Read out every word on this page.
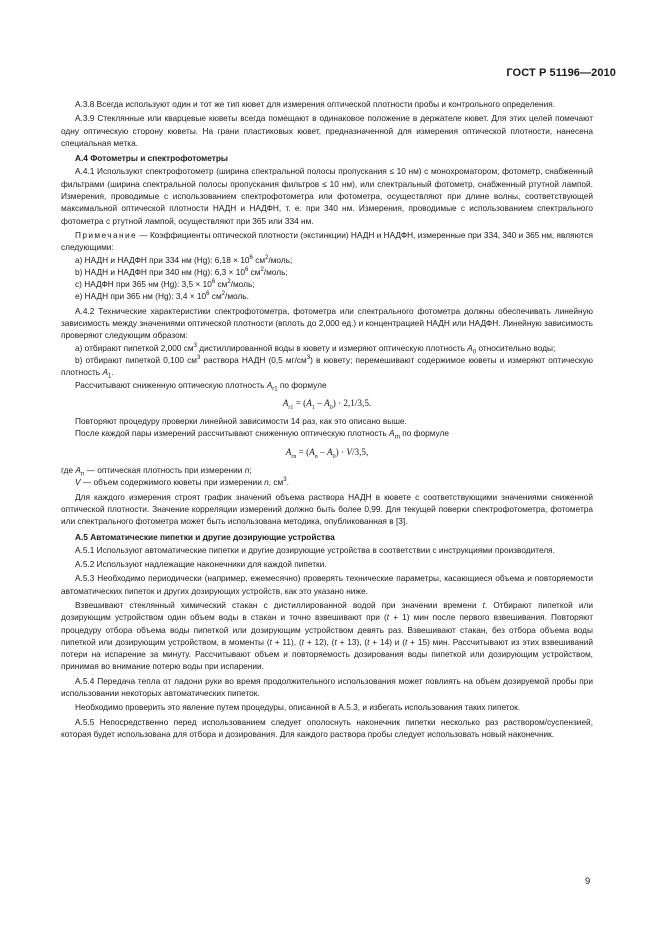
ГОСТ Р 51196—2010

А.3.8 Всегда используют один и тот же тип кювет для измерения оптической плотности пробы и контрольного определения.

А.3.9 Стеклянные или кварцевые кюветы всегда помещают в одинаковое положение в держателе кювет. Для этих целей помечают одну оптическую сторону кюветы. На грани пластиковых кювет, предназначенной для измерения оптической плотности, нанесена специальная метка.

А.4 Фотометры и спектрофотометры

А.4.1 Используют спектрофотометр (ширина спектральной полосы пропускания ≤ 10 нм) с монохроматором, фотометр, снабженный фильтрами (ширина спектральной полосы пропускания фильтров ≤ 10 нм), или спектральный фотометр, снабженный ртутной лампой. Измерения, проводимые с использованием спектрофотометра или фотометра, осуществляют при длине волны, соответствующей максимальной оптической плотности НАДН и НАДФН, т. е. при 340 нм. Измерения, проводимые с использованием спектрального фотометра с ртутной лампой, осуществляют при 365 или 334 нм.

Примечание — Коэффициенты оптической плотности (экстинкции) НАДН и НАДФН, измеренные при 334, 340 и 365 нм, являются следующими:

a) НАДН и НАДФН при 334 нм (Hg): $6,18 \times 10^6$ $см^2$/моль;

b) НАДН и НАДФН при 340 нм (Hg): $6,3 \times 10^6$ $см^2$/моль;

c) НАДФН при 365 нм (Hg): $3,5 \times 10^6$ $см^2$/моль;

e) НАДН при 365 нм (Hg): $3,4 \times 10^6$ $см^2$/моль.

А.4.2 Технические характеристики спектрофотометра, фотометра или спектрального фотометра должны обеспечивать линейную зависимость между значениями оптической плотности (вплоть до 2,000 ед.) и концентрацией НАДН или НАДФН. Линейную зависимость проверяют следующим образом:

a) отбирают пипеткой 2,000 $см^3$ дистиллированной воды в кювету и измеряют оптическую плотность $A_0$ относительно воды;

b) отбирают пипеткой 0,100 $см^3$ раствора НАДН (0,5 $мг/см^3$) в кювету; перемешивают содержимое кюветы и измеряют оптическую плотность $A_1$.

Рассчитывают сниженную оптическую плотность $A_{r1}$ по формуле

$A_{r1} = (A_1 - A_0) \cdot 2,1/3,5$.

Повторяют процедуру проверки линейной зависимости 14 раз, как это описано выше.

После каждой пары измерений рассчитывают сниженную оптическую плотность $A_{rn}$ по формуле

$A_{rn} = (A_n - A_0) \cdot V/3,5$,

где $A_n$ — оптическая плотность при измерении n;

V — объем содержимого кюветы при измерении n, $см^3$.

Для каждого измерения строят график значений объема раствора НАДН в кювете с соответствующими значениями сниженной оптической плотности. Значение корреляции измерений должно быть более 0,99. Для текущей поверки спектрофотометра, фотометра или спектрального фотометра может быть использована методика, опубликованная в [3].

А.5 Автоматические пипетки и другие дозирующие устройства

А.5.1 Используют автоматические пипетки и другие дозирующие устройства в соответствии с инструкциями производителя.

А.5.2 Используют надлежащие наконечники для каждой пипетки.

А.5.3 Необходимо периодически (например, ежемесячно) проверять технические параметры, касающиеся объема и повторяемости автоматических пипеток и других дозирующих устройств, как это указано ниже.

Взвешивают стеклянный химический стакан с дистиллированной водой при значении времени t. Отбирают пипеткой или дозирующим устройством один объем воды в стакан и точно взвешивают при (t + 1) мин после первого взвешивания. Повторяют процедуру отбора объема воды пипеткой или дозирующим устройством девять раз. Взвешивают стакан, без отбора объема воды пипеткой или дозирующим устройством, в моменты (t + 11), (t + 12), (t + 13), (t + 14) и (t + 15) мин. Рассчитывают из этих взвешиваний потери на испарение за минуту. Рассчитывают объем и повторяемость дозирования воды пипеткой или дозирующим устройством, принимая во внимание потерю воды при испарении.

А.5.4 Передача тепла от ладони руки во время продолжительного использования может повлиять на объем дозируемой пробы при использовании некоторых автоматических пипеток.

Необходимо проверить это явление путем процедуры, описанной в А.5.3, и избегать использования таких пипеток.

А.5.5 Непосредственно перед использованием следует ополоснуть наконечник пипетки несколько раз раствором/суспензией, которая будет использована для отбора и дозирования. Для каждого раствора пробы следует использовать новый наконечник.

9
